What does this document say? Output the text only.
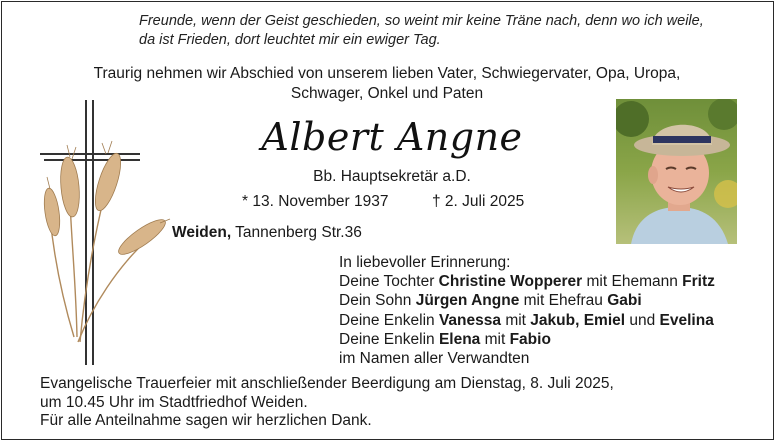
Freunde, wenn der Geist geschieden, so weint mir keine Träne nach, denn wo ich weile,
da ist Frieden, dort leuchtet mir ein ewiger Tag.
Traurig nehmen wir Abschied von unserem lieben Vater, Schwiegervater, Opa, Uropa,
Schwager, Onkel und Paten
Albert Angne
Bb. Hauptsekretär a.D.
* 13. November 1937	† 2. Juli 2025
Weiden, Tannenberg Str.36
In liebevoller Erinnerung:
Deine Tochter Christine Wopperer mit Ehemann Fritz
Dein Sohn Jürgen Angne mit Ehefrau Gabi
Deine Enkelin Vanessa mit Jakub, Emiel und Evelina
Deine Enkelin Elena mit Fabio
im Namen aller Verwandten
Evangelische Trauerfeier mit anschließender Beerdigung am Dienstag, 8. Juli 2025,
um 10.45 Uhr im Stadtfriedhof Weiden.
Für alle Anteilnahme sagen wir herzlichen Dank.
